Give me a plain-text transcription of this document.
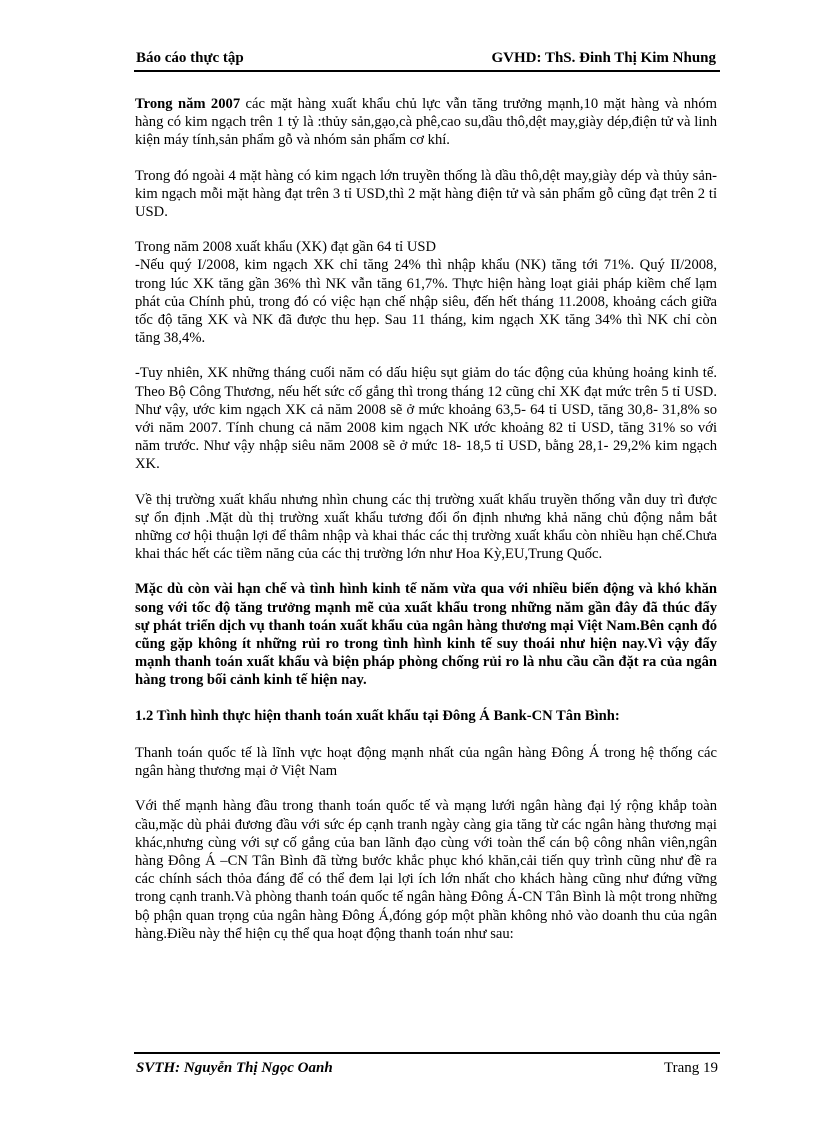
Báo cáo thực tập	GVHD: ThS. Đinh Thị Kim Nhung

Trong năm 2007 các mặt hàng xuất khẩu chủ lực vẫn tăng trưởng mạnh,10 mặt hàng và nhóm hàng có kim ngạch trên 1 tỷ là :thủy sản,gạo,cà phê,cao su,dầu thô,dệt may,giày dép,điện tử và linh kiện máy tính,sản phẩm gỗ và nhóm sản phẩm cơ khí.

Trong đó ngoài 4 mặt hàng có kim ngạch lớn truyền thống là dầu thô,dệt may,giày dép và thủy sản-kim ngạch mỗi mặt hàng đạt trên 3 tỉ USD,thì 2 mặt hàng điện tử và sản phẩm gỗ cũng đạt trên 2 tỉ USD.

Trong năm 2008 xuất khẩu (XK) đạt gần 64 tỉ USD

-Nếu quý I/2008, kim ngạch XK chỉ tăng 24% thì nhập khẩu (NK) tăng tới 71%. Quý II/2008, trong lúc XK tăng gần 36% thì NK vẫn tăng 61,7%. Thực hiện hàng loạt giải pháp kiềm chế lạm phát của Chính phủ, trong đó có việc hạn chế nhập siêu, đến hết tháng 11.2008, khoảng cách giữa tốc độ tăng XK và NK đã được thu hẹp. Sau 11 tháng, kim ngạch XK tăng 34% thì NK chỉ còn tăng 38,4%.

-Tuy nhiên, XK những tháng cuối năm có dấu hiệu sụt giảm do tác động của khủng hoảng kinh tế. Theo Bộ Công Thương, nếu hết sức cố gắng thì trong tháng 12 cũng chỉ XK đạt mức trên 5 tỉ USD. Như vậy, ước kim ngạch XK cả năm 2008 sẽ ở mức khoảng 63,5- 64 tỉ USD, tăng 30,8- 31,8% so với năm 2007. Tính chung cả năm 2008 kim ngạch NK ước khoảng 82 tỉ USD, tăng 31% so với năm trước. Như vậy nhập siêu năm 2008 sẽ ở mức 18- 18,5 tỉ USD, bằng 28,1- 29,2% kim ngạch XK.

Về thị trường xuất khẩu nhưng nhìn chung các thị trường xuất khẩu truyền thống vẫn duy trì được sự ổn định .Mặt dù thị trường xuất khẩu tương đối ổn định nhưng khả năng chủ động nắm bắt những cơ hội thuận lợi để thâm nhập và khai thác các thị trường xuất khẩu còn nhiều hạn chế.Chưa khai thác hết các tiềm năng của các thị trường lớn như Hoa Kỳ,EU,Trung Quốc.

Mặc dù còn vài hạn chế và tình hình kinh tế năm vừa qua với nhiều biến động và khó khăn song với tốc độ tăng trưởng mạnh mẽ của xuất khẩu trong những năm gần đây đã thúc đẩy sự phát triển dịch vụ thanh toán xuất khẩu của ngân hàng thương mại Việt Nam.Bên cạnh đó cũng gặp không ít những rủi ro trong tình hình kinh tế suy thoái như hiện nay.Vì vậy đẩy mạnh thanh toán xuất khẩu và biện pháp phòng chống rủi ro là nhu cầu cần đặt ra của ngân hàng trong bối cảnh kinh tế hiện nay.

1.2 Tình hình thực hiện thanh toán xuất khẩu tại Đông Á Bank-CN Tân Bình:

Thanh toán quốc tế là lĩnh vực hoạt động mạnh nhất của ngân hàng Đông Á trong hệ thống các ngân hàng thương mại ở Việt Nam

Với thế mạnh hàng đầu trong thanh toán quốc tế và mạng lưới ngân hàng đại lý rộng khắp toàn cầu,mặc dù phải đương đầu với sức ép cạnh tranh ngày càng gia tăng từ các ngân hàng thương mại khác,nhưng cùng với sự cố gắng của ban lãnh đạo cùng với toàn thể cán bộ công nhân viên,ngân hàng Đông Á –CN Tân Bình đã từng bước khắc phục khó khăn,cải tiến quy trình cũng như đề ra các chính sách thỏa đáng để có thể đem lại lợi ích lớn nhất cho khách hàng cũng như đứng vững trong cạnh tranh.Và phòng thanh toán quốc tế ngân hàng Đông Á-CN Tân Bình là một trong những bộ phận quan trọng của ngân hàng Đông Á,đóng góp một phần không nhỏ vào doanh thu của ngân hàng.Điều này thể hiện cụ thể qua hoạt động thanh toán như sau:

SVTH: Nguyễn Thị Ngọc Oanh	Trang 19
